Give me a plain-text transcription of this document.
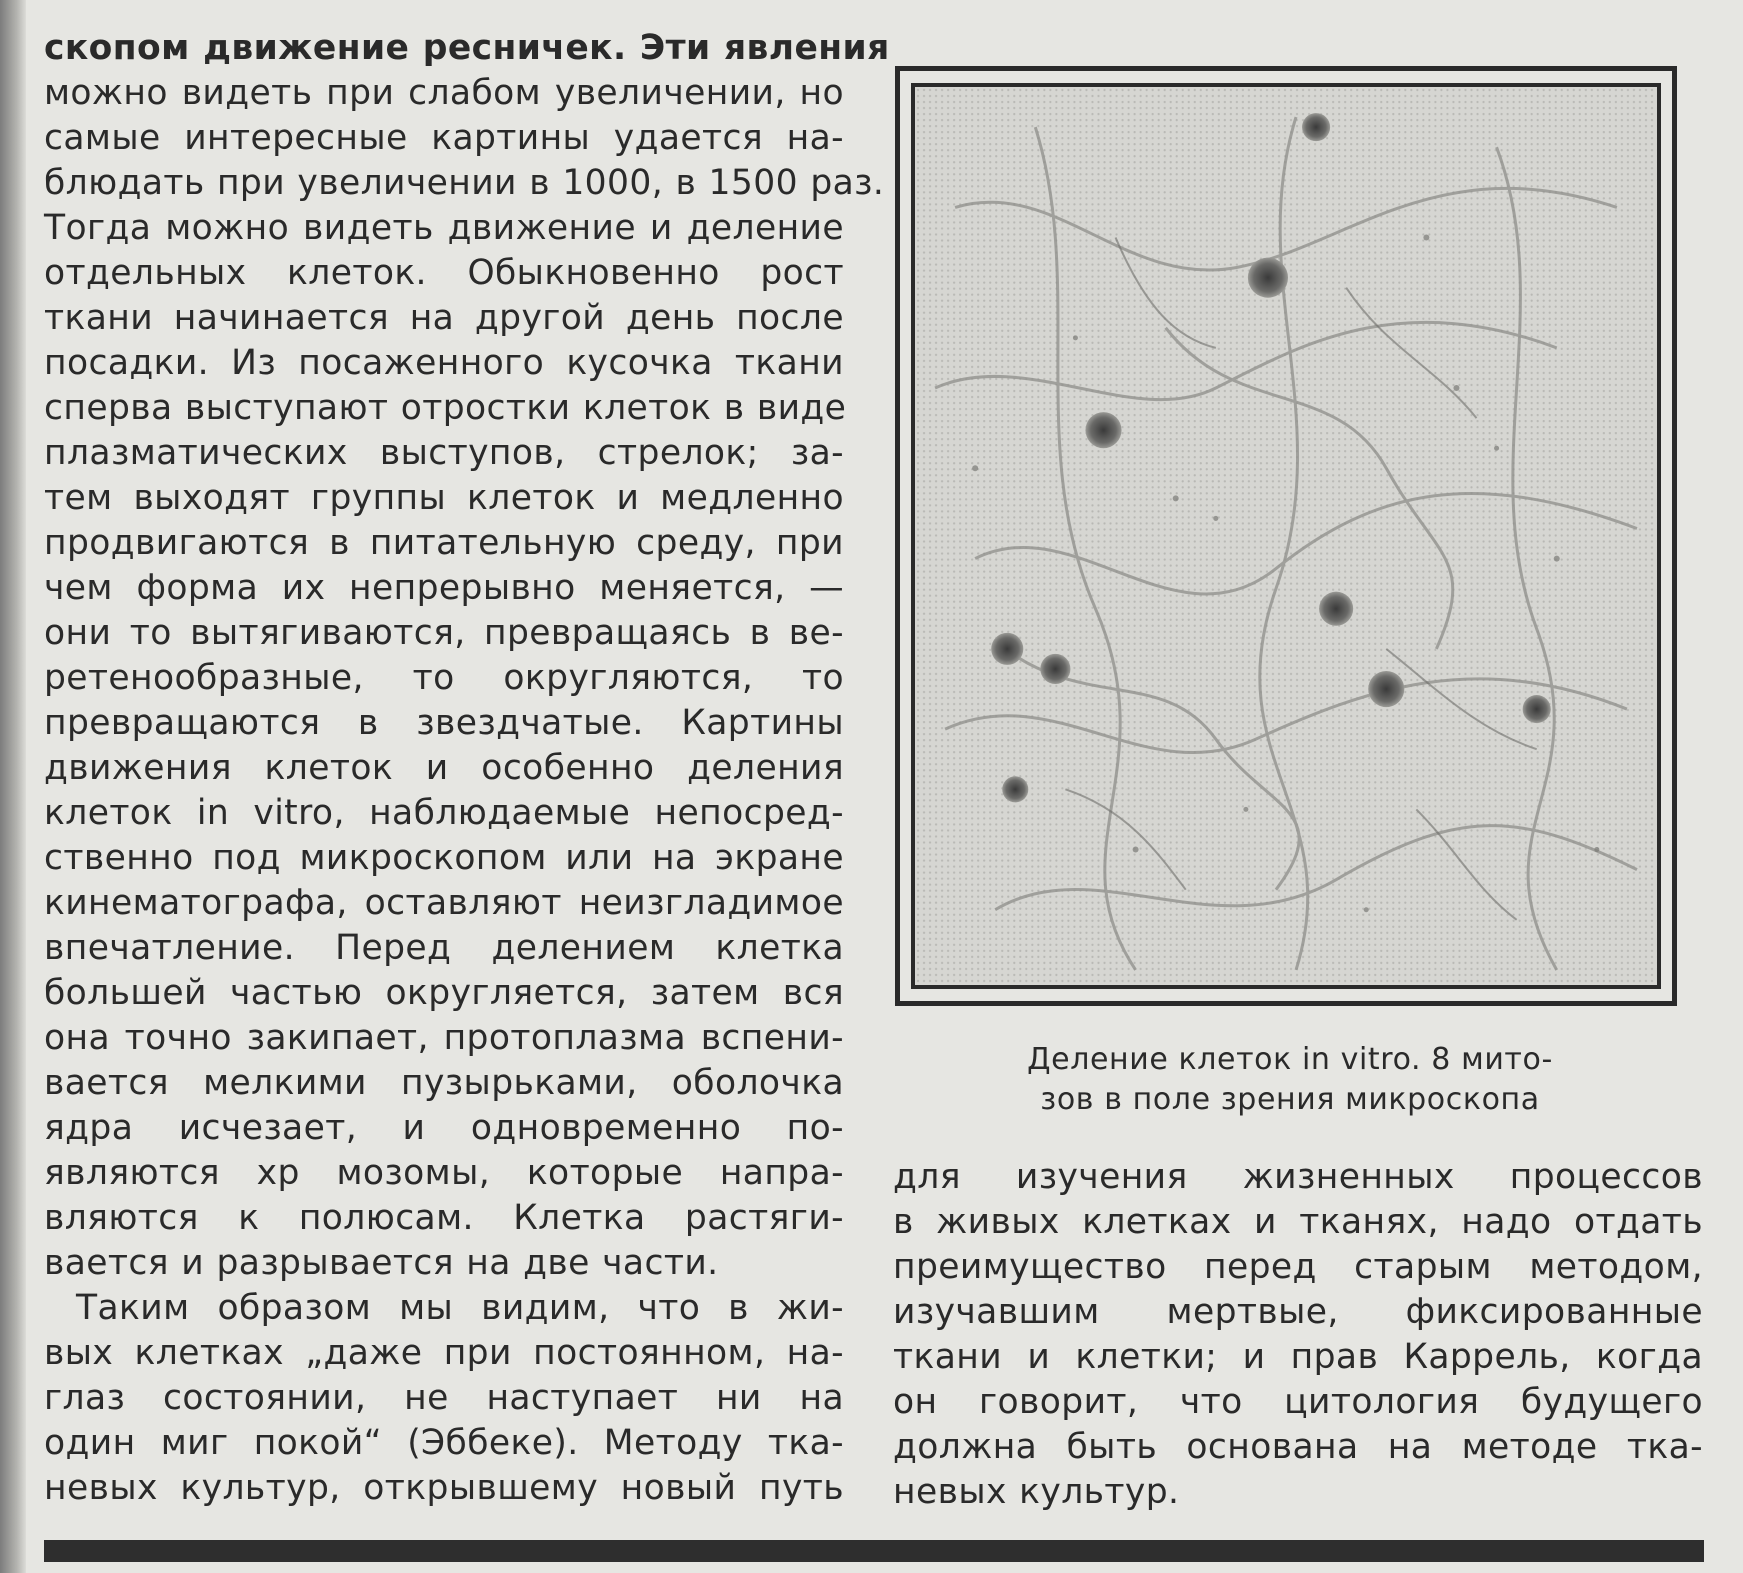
скопом движение ресничек. Эти явления
можно видеть при слабом увеличении, но
самые интересные картины удается на-
блюдать при увеличении в 1000, в 1500 раз.
Тогда можно видеть движение и деление
отдельных клеток. Обыкновенно рост
ткани начинается на другой день после
посадки. Из посаженного кусочка ткани
сперва выступают отростки клеток в виде
плазматических выступов, стрелок; за-
тем выходят группы клеток и медленно
продвигаются в питательную среду, при
чем форма их непрерывно меняется, —
они то вытягиваются, превращаясь в ве-
ретенообразные, то округляются, то
превращаются в звездчатые. Картины
движения клеток и особенно деления
клеток in vitro, наблюдаемые непосред-
ственно под микроскопом или на экране
кинематографа, оставляют неизгладимое
впечатление. Перед делением клетка
большей частью округляется, затем вся
она точно закипает, протоплазма вспени-
вается мелкими пузырьками, оболочка
ядра исчезает, и одновременно по-
являются хр мозомы, которые напра-
вляются к полюсам. Клетка растяги-
вается и разрывается на две части.
Таким образом мы видим, что в жи-
вых клетках „даже при постоянном, на-
глаз состоянии, не наступает ни на
один миг покой“ (Эббеке). Методу тка-
невых культур, открывшему новый путь
Деление клеток in vitro. 8 мито-
зов в поле зрения микроскопа
для изучения жизненных процессов
в живых клетках и тканях, надо отдать
преимущество перед старым методом,
изучавшим мертвые, фиксированные
ткани и клетки; и прав Каррель, когда
он говорит, что цитология будущего
должна быть основана на методе тка-
невых культур.
